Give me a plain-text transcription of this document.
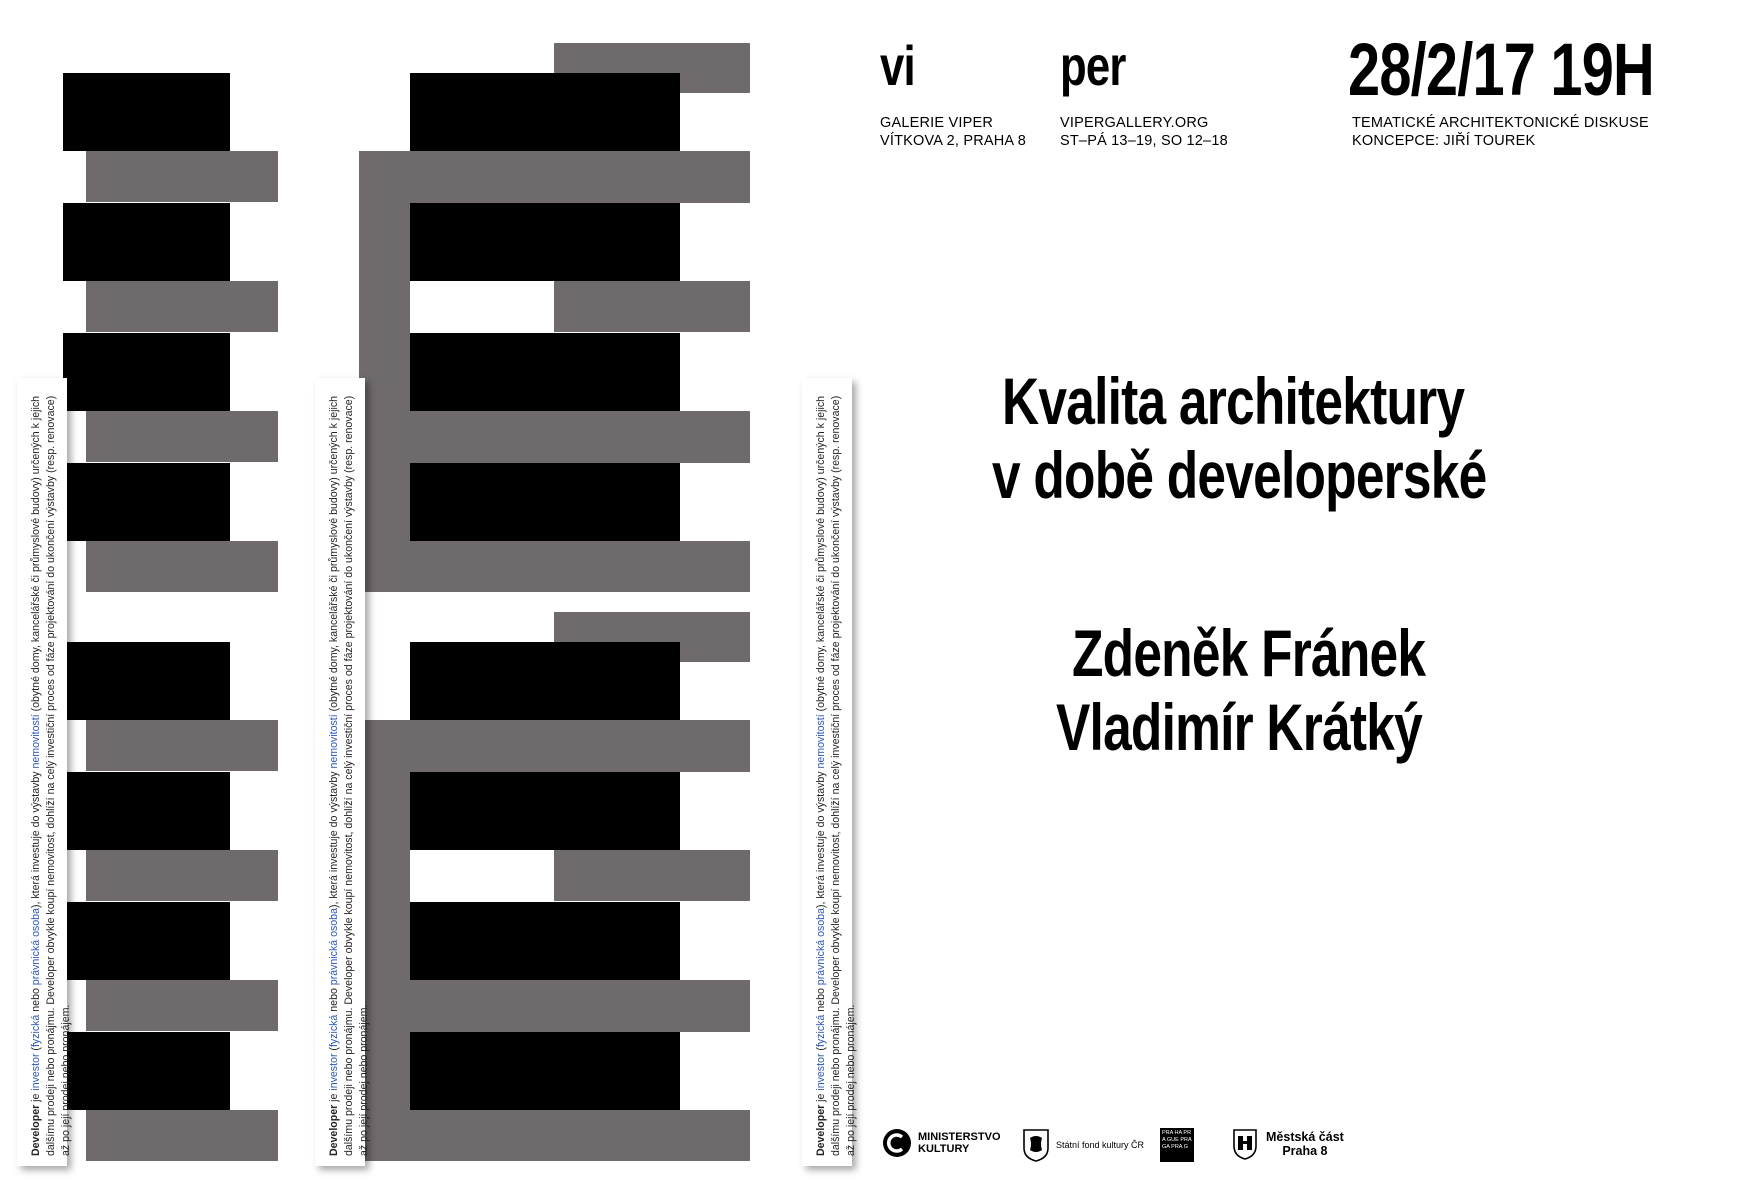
Developer je investor (fyzická nebo právnická osoba), která investuje do výstavby nemovitostí (obytné domy, kancelářské či průmyslové budovy) určených k jejich dalšímu prodeji nebo pronájmu. Developer obvykle koupí nemovitost, dohlíží na celý investiční proces od fáze projektování do ukončení výstavby (resp. renovace) až po její prodej nebo pronájem.	Developer je investor (fyzická nebo právnická osoba), která investuje do výstavby nemovitostí (obytné domy, kancelářské či průmyslové budovy) určených k jejich dalšímu prodeji nebo pronájmu. Developer obvykle koupí nemovitost, dohlíží na celý investiční proces od fáze projektování do ukončení výstavby (resp. renovace) až po její prodej nebo pronájem.	Developer je investor (fyzická nebo právnická osoba), která investuje do výstavby nemovitostí (obytné domy, kancelářské či průmyslové budovy) určených k jejich dalšímu prodeji nebo pronájmu. Developer obvykle koupí nemovitost, dohlíží na celý investiční proces od fáze projektování do ukončení výstavby (resp. renovace) až po její prodej nebo pronájem.
vi	per	28/2/17 19H
GALERIE VIPER
VÍTKOVA 2, PRAHA 8
VIPERGALLERY.ORG
ST–PÁ 13–19, SO 12–18
TEMATICKÉ ARCHITEKTONICKÉ DISKUSE
KONCEPCE: JIŘÍ TOUREK
Kvalita architektury
v době developerské
Zdeněk Fránek
Vladimír Krátký
MINISTERSTVO
KULTURY	Státní fond kultury ČR
PRA HA PRA GUE PRA GA PRA G
Městská část
Praha 8
